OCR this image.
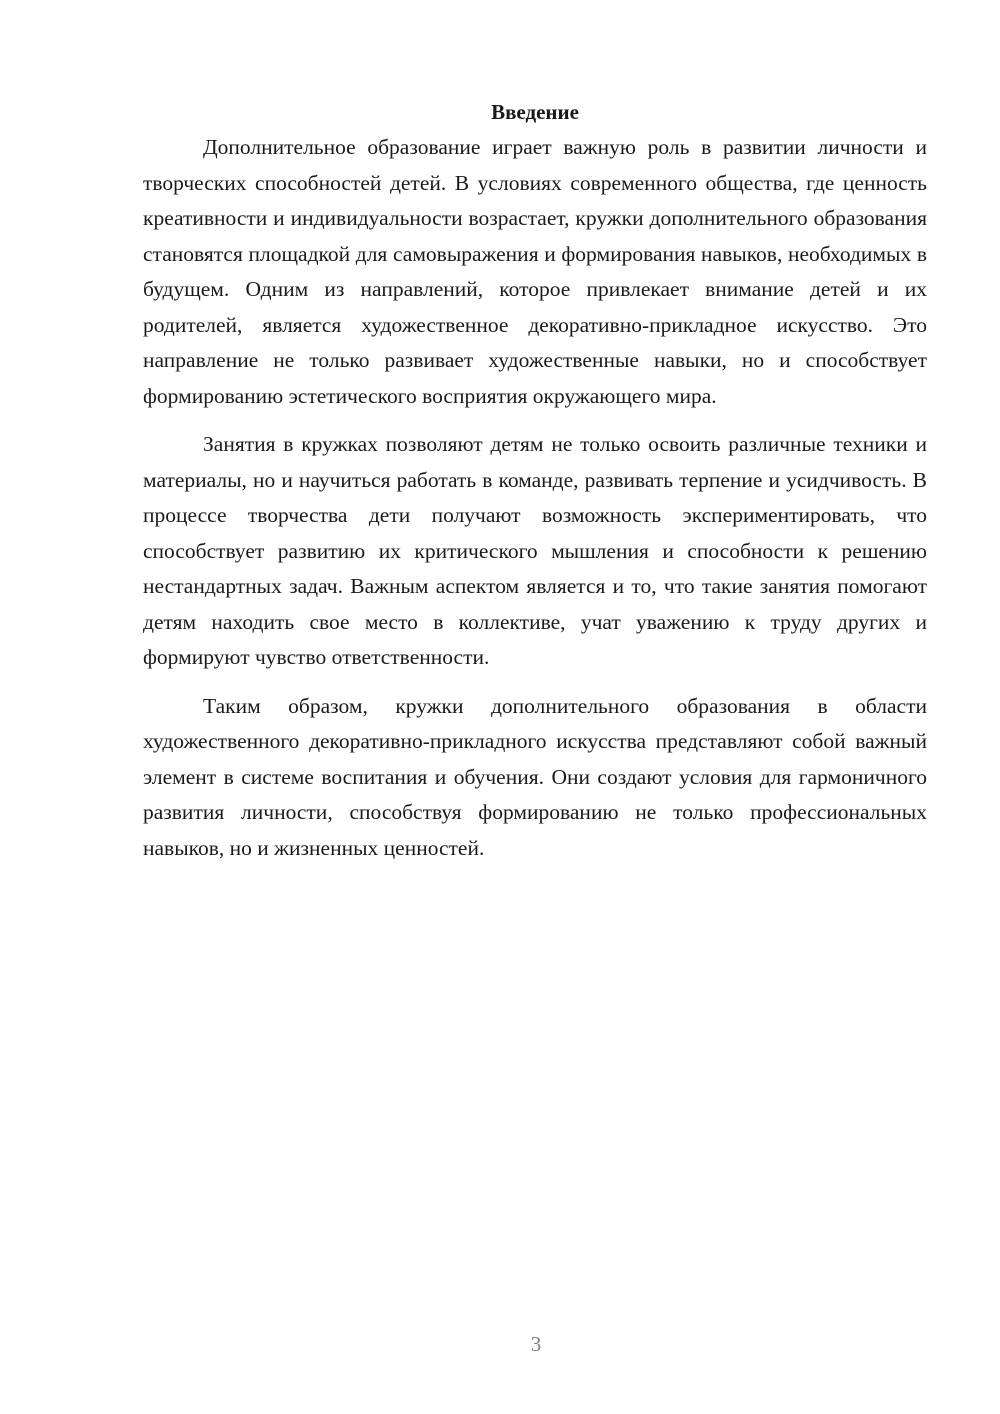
Введение

Дополнительное образование играет важную роль в развитии личности и творческих способностей детей. В условиях современного общества, где ценность креативности и индивидуальности возрастает, кружки дополнительного образования становятся площадкой для самовыражения и формирования навыков, необходимых в будущем. Одним из направлений, которое привлекает внимание детей и их родителей, является художественное декоративно-прикладное искусство. Это направление не только развивает художественные навыки, но и способствует формированию эстетического восприятия окружающего мира.

Занятия в кружках позволяют детям не только освоить различные техники и материалы, но и научиться работать в команде, развивать терпение и усидчивость. В процессе творчества дети получают возможность экспериментировать, что способствует развитию их критического мышления и способности к решению нестандартных задач. Важным аспектом является и то, что такие занятия помогают детям находить свое место в коллективе, учат уважению к труду других и формируют чувство ответственности.

Таким образом, кружки дополнительного образования в области художественного декоративно-прикладного искусства представляют собой важный элемент в системе воспитания и обучения. Они создают условия для гармоничного развития личности, способствуя формированию не только профессиональных навыков, но и жизненных ценностей.

3
